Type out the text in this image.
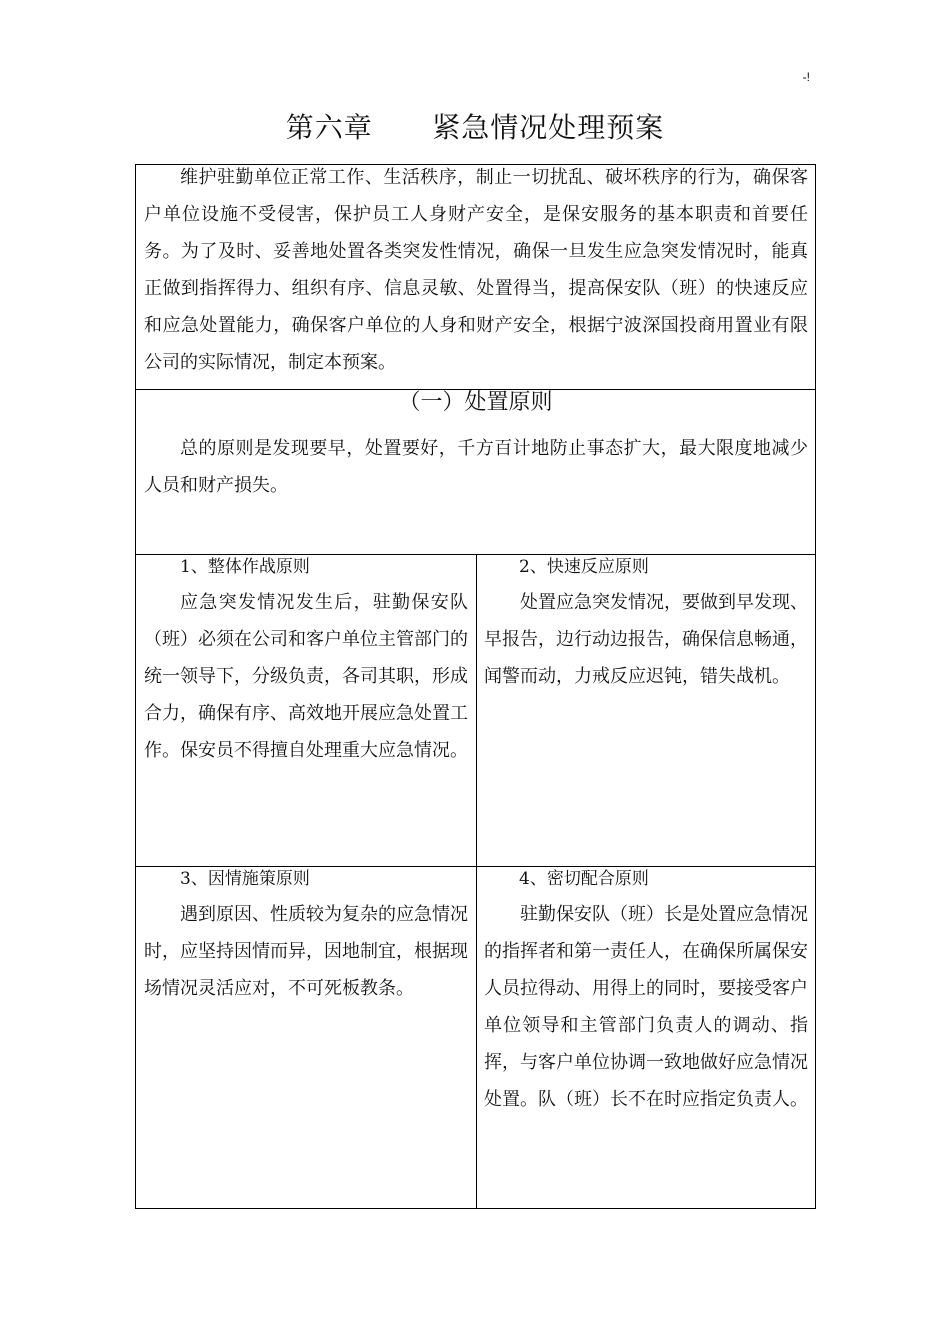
-!
第六章      紧急情况处理预案
维护驻勤单位正常工作、生活秩序，制止一切扰乱、破坏秩序的行为，确保客户单位设施不受侵害，保护员工人身财产安全，是保安服务的基本职责和首要任务。为了及时、妥善地处置各类突发性情况，确保一旦发生应急突发情况时，能真正做到指挥得力、组织有序、信息灵敏、处置得当，提高保安队（班）的快速反应和应急处置能力，确保客户单位的人身和财产安全，根据宁波深国投商用置业有限公司的实际情况，制定本预案。
（一）处置原则
总的原则是发现要早，处置要好，千方百计地防止事态扩大，最大限度地减少人员和财产损失。
1、整体作战原则
应急突发情况发生后，驻勤保安队（班）必须在公司和客户单位主管部门的统一领导下，分级负责，各司其职，形成合力，确保有序、高效地开展应急处置工作。保安员不得擅自处理重大应急情况。
2、快速反应原则
处置应急突发情况，要做到早发现、早报告，边行动边报告，确保信息畅通，闻警而动，力戒反应迟钝，错失战机。
3、因情施策原则
遇到原因、性质较为复杂的应急情况时，应坚持因情而异，因地制宜，根据现场情况灵活应对，不可死板教条。
4、密切配合原则
驻勤保安队（班）长是处置应急情况的指挥者和第一责任人，在确保所属保安人员拉得动、用得上的同时，要接受客户单位领导和主管部门负责人的调动、指挥，与客户单位协调一致地做好应急情况处置。队（班）长不在时应指定负责人。
